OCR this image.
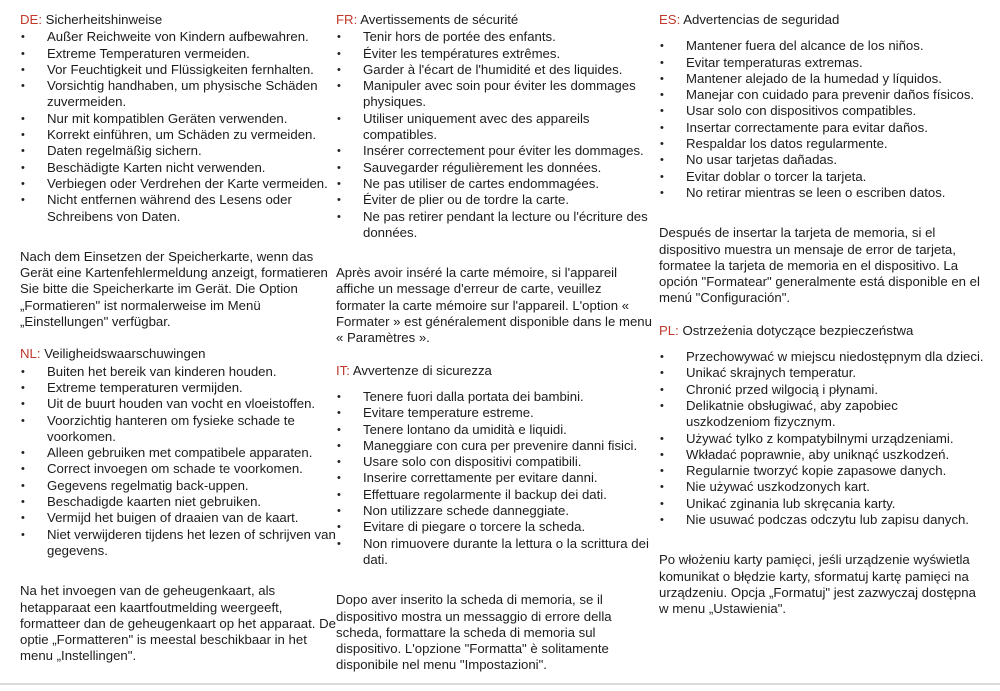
DE: Sicherheitshinweise
• Außer Reichweite von Kindern aufbewahren.
• Extreme Temperaturen vermeiden.
• Vor Feuchtigkeit und Flüssigkeiten fernhalten.
• Vorsichtig handhaben, um physische Schäden zuvermeiden.
• Nur mit kompatiblen Geräten verwenden.
• Korrekt einführen, um Schäden zu vermeiden.
• Daten regelmäßig sichern.
• Beschädigte Karten nicht verwenden.
• Verbiegen oder Verdrehen der Karte vermeiden.
• Nicht entfernen während des Lesens oder Schreibens von Daten.

Nach dem Einsetzen der Speicherkarte, wenn das Gerät eine Kartenfehlermeldung anzeigt, formatieren Sie bitte die Speicherkarte im Gerät. Die Option „Formatieren" ist normalerweise im Menü „Einstellungen" verfügbar.

NL: Veiligheidswaarschuwingen
• Buiten het bereik van kinderen houden.
• Extreme temperaturen vermijden.
• Uit de buurt houden van vocht en vloeistoffen.
• Voorzichtig hanteren om fysieke schade te voorkomen.
• Alleen gebruiken met compatibele apparaten.
• Correct invoegen om schade te voorkomen.
• Gegevens regelmatig back-uppen.
• Beschadigde kaarten niet gebruiken.
• Vermijd het buigen of draaien van de kaart.
• Niet verwijderen tijdens het lezen of schrijven van gegevens.

Na het invoegen van de geheugenkaart, als hetapparaat een kaartfoutmelding weergeeft, formatteer dan de geheugenkaart op het apparaat. De optie „Formatteren" is meestal beschikbaar in het menu „Instellingen".

FR: Avertissements de sécurité
• Tenir hors de portée des enfants.
• Éviter les températures extrêmes.
• Garder à l'écart de l'humidité et des liquides.
• Manipuler avec soin pour éviter les dommages physiques.
• Utiliser uniquement avec des appareils compatibles.
• Insérer correctement pour éviter les dommages.
• Sauvegarder régulièrement les données.
• Ne pas utiliser de cartes endommagées.
• Éviter de plier ou de tordre la carte.
• Ne pas retirer pendant la lecture ou l'écriture des données.

Après avoir inséré la carte mémoire, si l'appareil affiche un message d'erreur de carte, veuillez formater la carte mémoire sur l'appareil. L'option « Formater » est généralement disponible dans le menu « Paramètres ».

IT: Avvertenze di sicurezza
• Tenere fuori dalla portata dei bambini.
• Evitare temperature estreme.
• Tenere lontano da umidità e liquidi.
• Maneggiare con cura per prevenire danni fisici.
• Usare solo con dispositivi compatibili.
• Inserire correttamente per evitare danni.
• Effettuare regolarmente il backup dei dati.
• Non utilizzare schede danneggiate.
• Evitare di piegare o torcere la scheda.
• Non rimuovere durante la lettura o la scrittura dei dati.

Dopo aver inserito la scheda di memoria, se il dispositivo mostra un messaggio di errore della scheda, formattare la scheda di memoria sul dispositivo. L'opzione "Formatta" è solitamente disponibile nel menu "Impostazioni".

ES: Advertencias de seguridad
• Mantener fuera del alcance de los niños.
• Evitar temperaturas extremas.
• Mantener alejado de la humedad y líquidos.
• Manejar con cuidado para prevenir daños físicos.
• Usar solo con dispositivos compatibles.
• Insertar correctamente para evitar daños.
• Respaldar los datos regularmente.
• No usar tarjetas dañadas.
• Evitar doblar o torcer la tarjeta.
• No retirar mientras se leen o escriben datos.

Después de insertar la tarjeta de memoria, si el dispositivo muestra un mensaje de error de tarjeta, formatee la tarjeta de memoria en el dispositivo. La opción "Formatear" generalmente está disponible en el menú "Configuración".

PL: Ostrzeżenia dotyczące bezpieczeństwa
• Przechowywać w miejscu niedostępnym dla dzieci.
• Unikać skrajnych temperatur.
• Chronić przed wilgocią i płynami.
• Delikatnie obsługiwać, aby zapobiec uszkodzeniom fizycznym.
• Używać tylko z kompatybilnymi urządzeniami.
• Wkładać poprawnie, aby uniknąć uszkodzeń.
• Regularnie tworzyć kopie zapasowe danych.
• Nie używać uszkodzonych kart.
• Unikać zginania lub skręcania karty.
• Nie usuwać podczas odczytu lub zapisu danych.

Po włożeniu karty pamięci, jeśli urządzenie wyświetla komunikat o błędzie karty, sformatuj kartę pamięci na urządzeniu. Opcja „Formatuj" jest zazwyczaj dostępna w menu „Ustawienia".
